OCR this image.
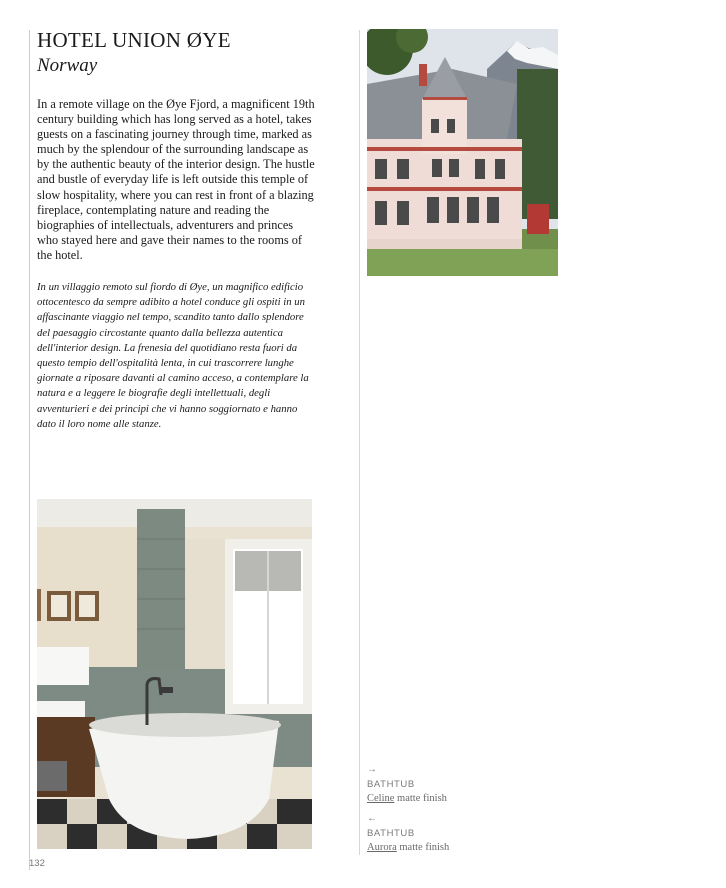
HOTEL UNION ØYE

Norway

In a remote village on the Øye Fjord, a magnificent 19th century building which has long served as a hotel, takes guests on a fascinating journey through time, marked as much by the splendour of the surrounding landscape as by the authentic beauty of the interior design. The hustle and bustle of everyday life is left outside this temple of slow hospitality, where you can rest in front of a blazing fireplace, contemplating nature and reading the biographies of intellectuals, adventurers and princes who stayed here and gave their names to the rooms of the hotel.

In un villaggio remoto sul fiordo di Øye, un magnifico edificio ottocentesco da sempre adibito a hotel conduce gli ospiti in un affascinante viaggio nel tempo, scandito tanto dallo splendore del paesaggio circostante quanto dalla bellezza autentica dell'interior design. La frenesia del quotidiano resta fuori da questo tempio dell'ospitalità lenta, in cui trascorrere lunghe giornate a riposare davanti al camino acceso, a contemplare la natura e a leggere le biografie degli intellettuali, degli avventurieri e dei principi che vi hanno soggiornato e hanno dato il loro nome alle stanze.

→
BATHTUB
Celine matte finish
←
BATHTUB
Aurora matte finish
132
